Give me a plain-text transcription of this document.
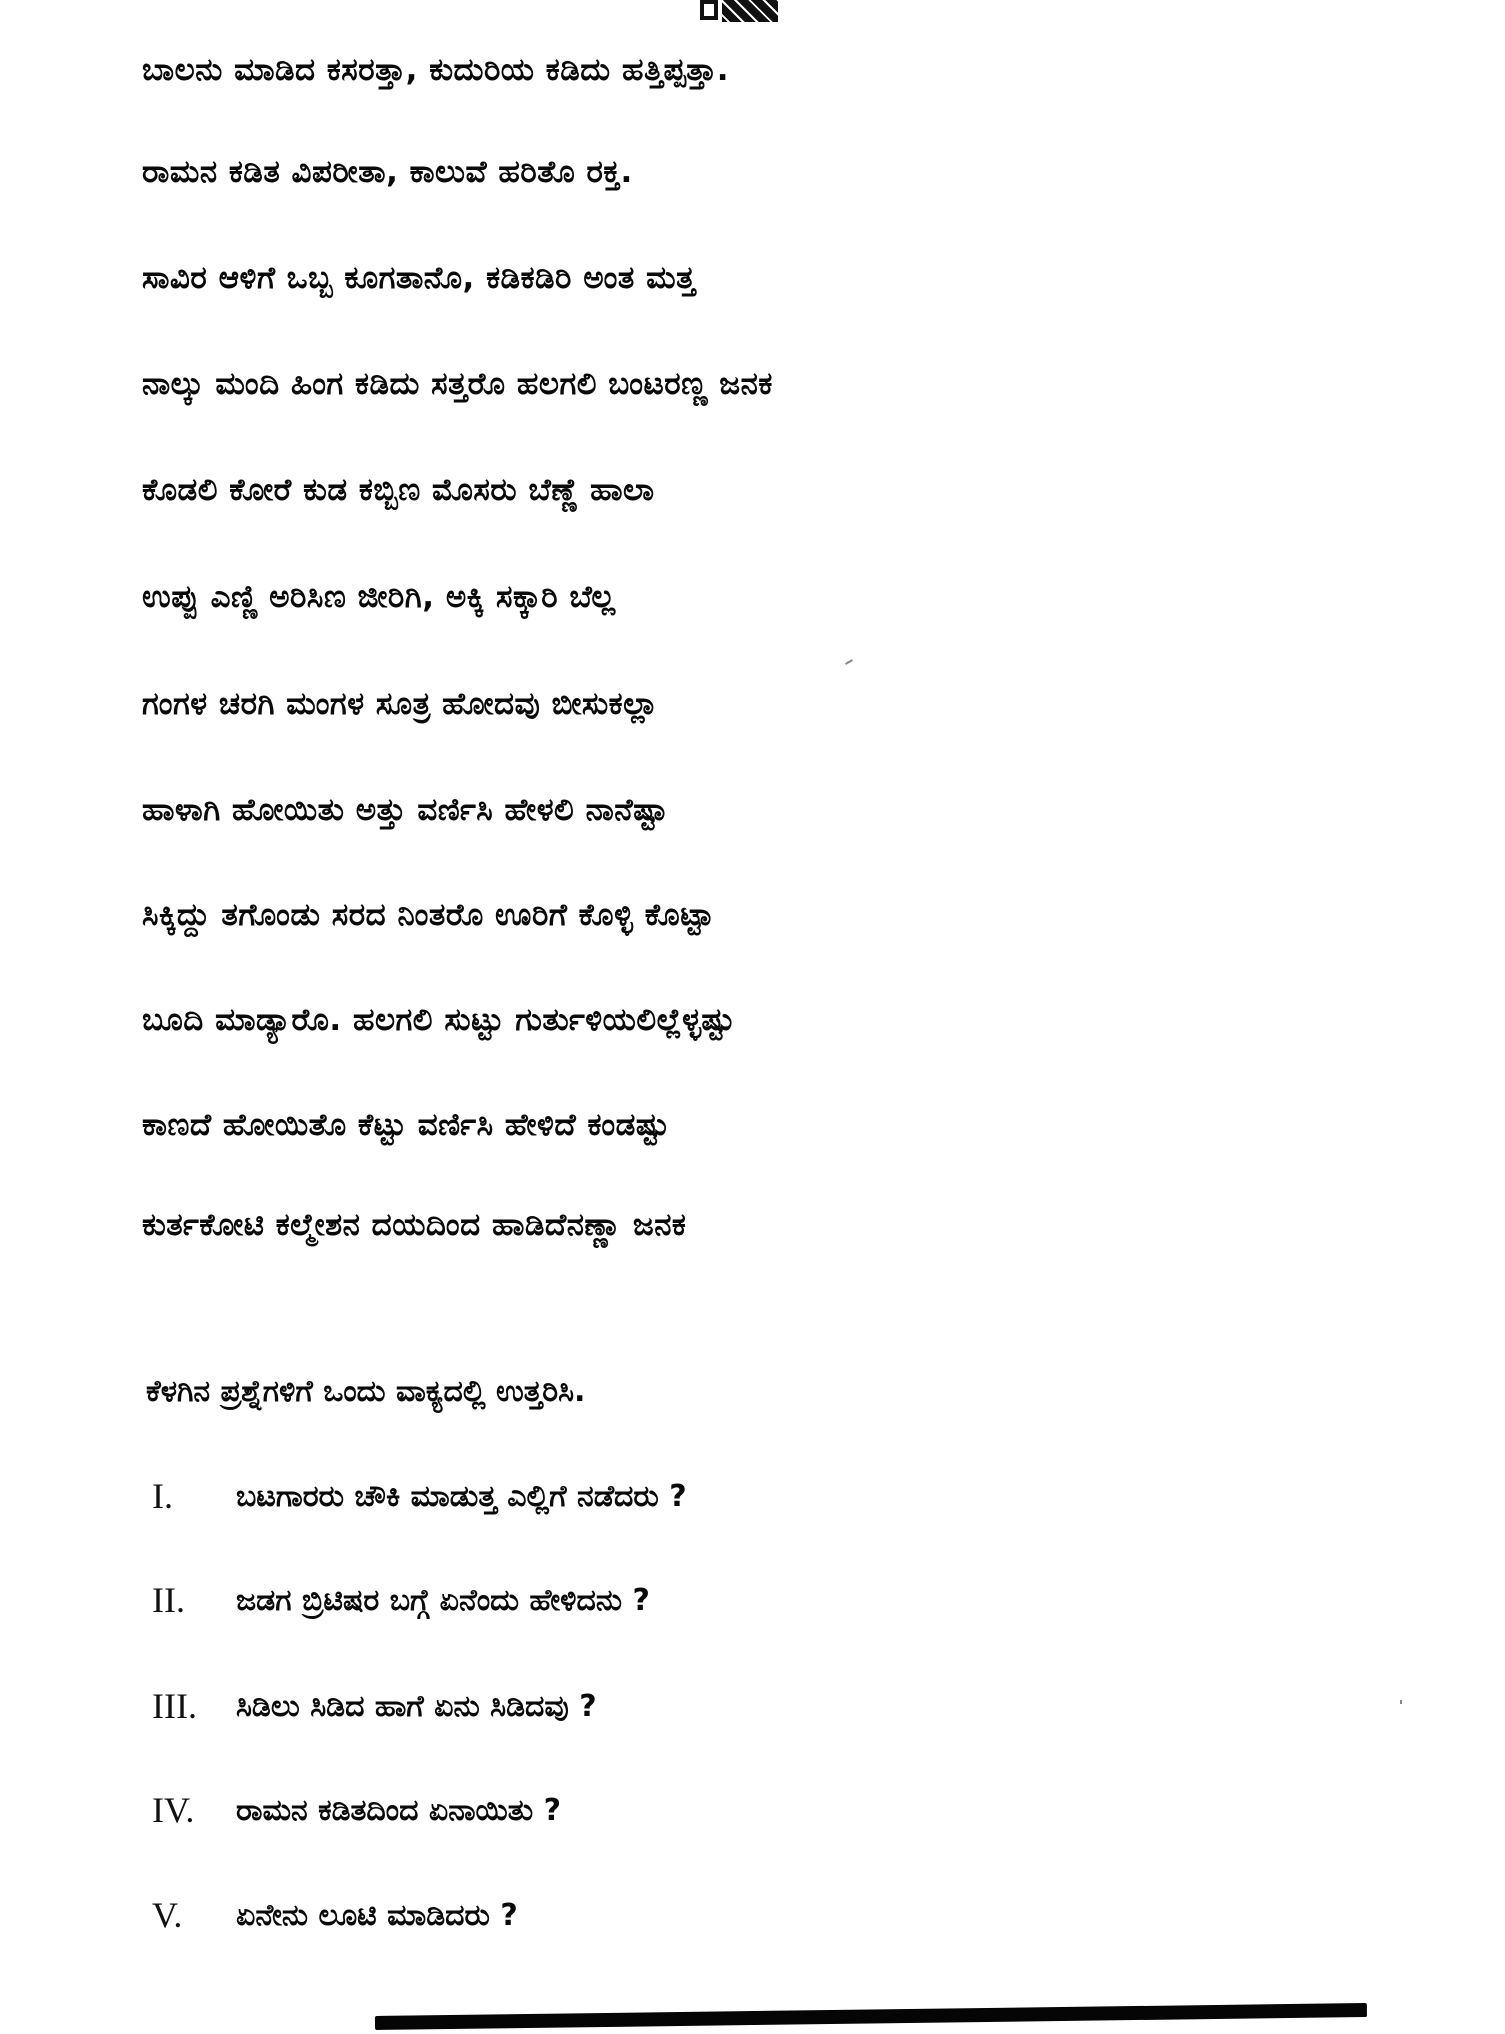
ಬಾಲನು ಮಾಡಿದ ಕಸರತ್ತಾ, ಕುದುರಿಯ ಕಡಿದು ಹತ್ತಿಪ್ಪತ್ತಾ.
ರಾಮನ ಕಡಿತ ವಿಪರೀತಾ, ಕಾಲುವೆ ಹರಿತೊ ರಕ್ತ.
ಸಾವಿರ ಆಳಿಗೆ ಒಬ್ಬ ಕೂಗತಾನೊ, ಕಡಿಕಡಿರಿ ಅಂತ ಮತ್ತ
ನಾಲ್ಕು ಮಂದಿ ಹಿಂಗ ಕಡಿದು ಸತ್ತರೊ ಹಲಗಲಿ ಬಂಟರಣ್ಣ ಜನಕ
ಕೊಡಲಿ ಕೋರೆ ಕುಡ ಕಬ್ಬಿಣ ಮೊಸರು ಬೆಣ್ಣೆ ಹಾಲಾ
ಉಪ್ಪು ಎಣ್ಣಿ ಅರಿಸಿಣ ಜೀರಿಗಿ, ಅಕ್ಕಿ ಸಕ್ಕಾರಿ ಬೆಲ್ಲ
ಗಂಗಳ ಚರಗಿ ಮಂಗಳ ಸೂತ್ರ ಹೋದವು ಬೀಸುಕಲ್ಲಾ
ಹಾಳಾಗಿ ಹೋಯಿತು ಅತ್ತು ವರ್ಣಿಸಿ ಹೇಳಲಿ ನಾನೆಷ್ಟಾ
ಸಿಕ್ಕಿದ್ದು ತಗೊಂಡು ಸರದ ನಿಂತರೊ ಊರಿಗೆ ಕೊಳ್ಳಿ ಕೊಟ್ಟಾ
ಬೂದಿ ಮಾಡ್ಯಾರೊ. ಹಲಗಲಿ ಸುಟ್ಟು ಗುರ್ತುಳಿಯಲಿಲ್ಲೆಳ್ಳಷ್ಟು
ಕಾಣದೆ ಹೋಯಿತೊ ಕೆಟ್ಟು ವರ್ಣಿಸಿ ಹೇಳಿದೆ ಕಂಡಷ್ಟು
ಕುರ್ತಕೋಟಿ ಕಲ್ಮೇಶನ ದಯದಿಂದ ಹಾಡಿದೆನಣ್ಣಾ ಜನಕ
ಕೆಳಗಿನ ಪ್ರಶ್ನೆಗಳಿಗೆ ಒಂದು ವಾಕ್ಯದಲ್ಲಿ ಉತ್ತರಿಸಿ.
I.	ಬಟಗಾರರು ಚೌಕಿ ಮಾಡುತ್ತ ಎಲ್ಲಿಗೆ ನಡೆದರು ?
II.	ಜಡಗ ಬ್ರಿಟಿಷರ ಬಗ್ಗೆ ಏನೆಂದು ಹೇಳಿದನು ?
III.	ಸಿಡಿಲು ಸಿಡಿದ ಹಾಗೆ ಏನು ಸಿಡಿದವು ?
IV.	ರಾಮನ ಕಡಿತದಿಂದ ಏನಾಯಿತು ?
V.	ಏನೇನು ಲೂಟಿ ಮಾಡಿದರು ?
